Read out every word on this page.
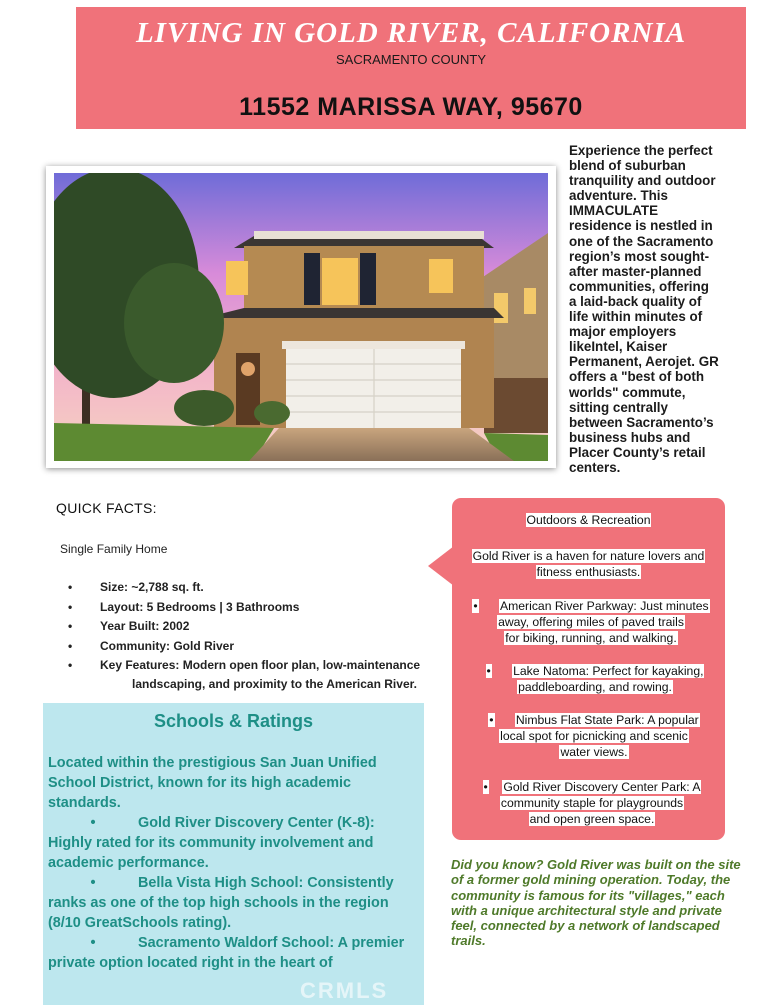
LIVING IN GOLD RIVER, CALIFORNIA
SACRAMENTO COUNTY
11552 MARISSA WAY, 95670
Experience the perfect
blend of suburban
tranquility and outdoor
adventure. This
IMMACULATE
residence is nestled in
one of the Sacramento
region’s most sought-
after master-planned
communities, offering
a laid-back quality of
life within minutes of
major employers
likeIntel, Kaiser
Permanent, Aerojet. GR
offers a "best of both
worlds" commute,
sitting centrally
between Sacramento’s
business hubs and
Placer County’s retail
centers.
QUICK FACTS:
Single Family Home
• Size: ~2,788 sq. ft.
• Layout: 5 Bedrooms | 3 Bathrooms
• Year Built: 2002
• Community: Gold River
• Key Features: Modern open floor plan, low-maintenance
landscaping, and proximity to the American River.
Schools & Ratings
Located within the prestigious San Juan Unified School District, known for its high academic standards.
•	Gold River Discovery Center (K-8): Highly rated for its community involvement and academic performance.
•	Bella Vista High School: Consistently ranks as one of the top high schools in the region (8/10 GreatSchools rating).
•	Sacramento Waldorf School: A premier private option located right in the heart of
Outdoors & Recreation
Gold River is a haven for nature lovers and
fitness enthusiasts.
• American River Parkway: Just minutes
away, offering miles of paved trails
for biking, running, and walking.
• Lake Natoma: Perfect for kayaking,
paddleboarding, and rowing.
• Nimbus Flat State Park: A popular
local spot for picnicking and scenic
water views.
• Gold River Discovery Center Park: A
community staple for playgrounds
and open green space.
Did you know? Gold River was built on the site of a former gold mining operation. Today, the community is famous for its "villages," each with a unique architectural style and private feel, connected by a network of landscaped trails.
CRMLS
